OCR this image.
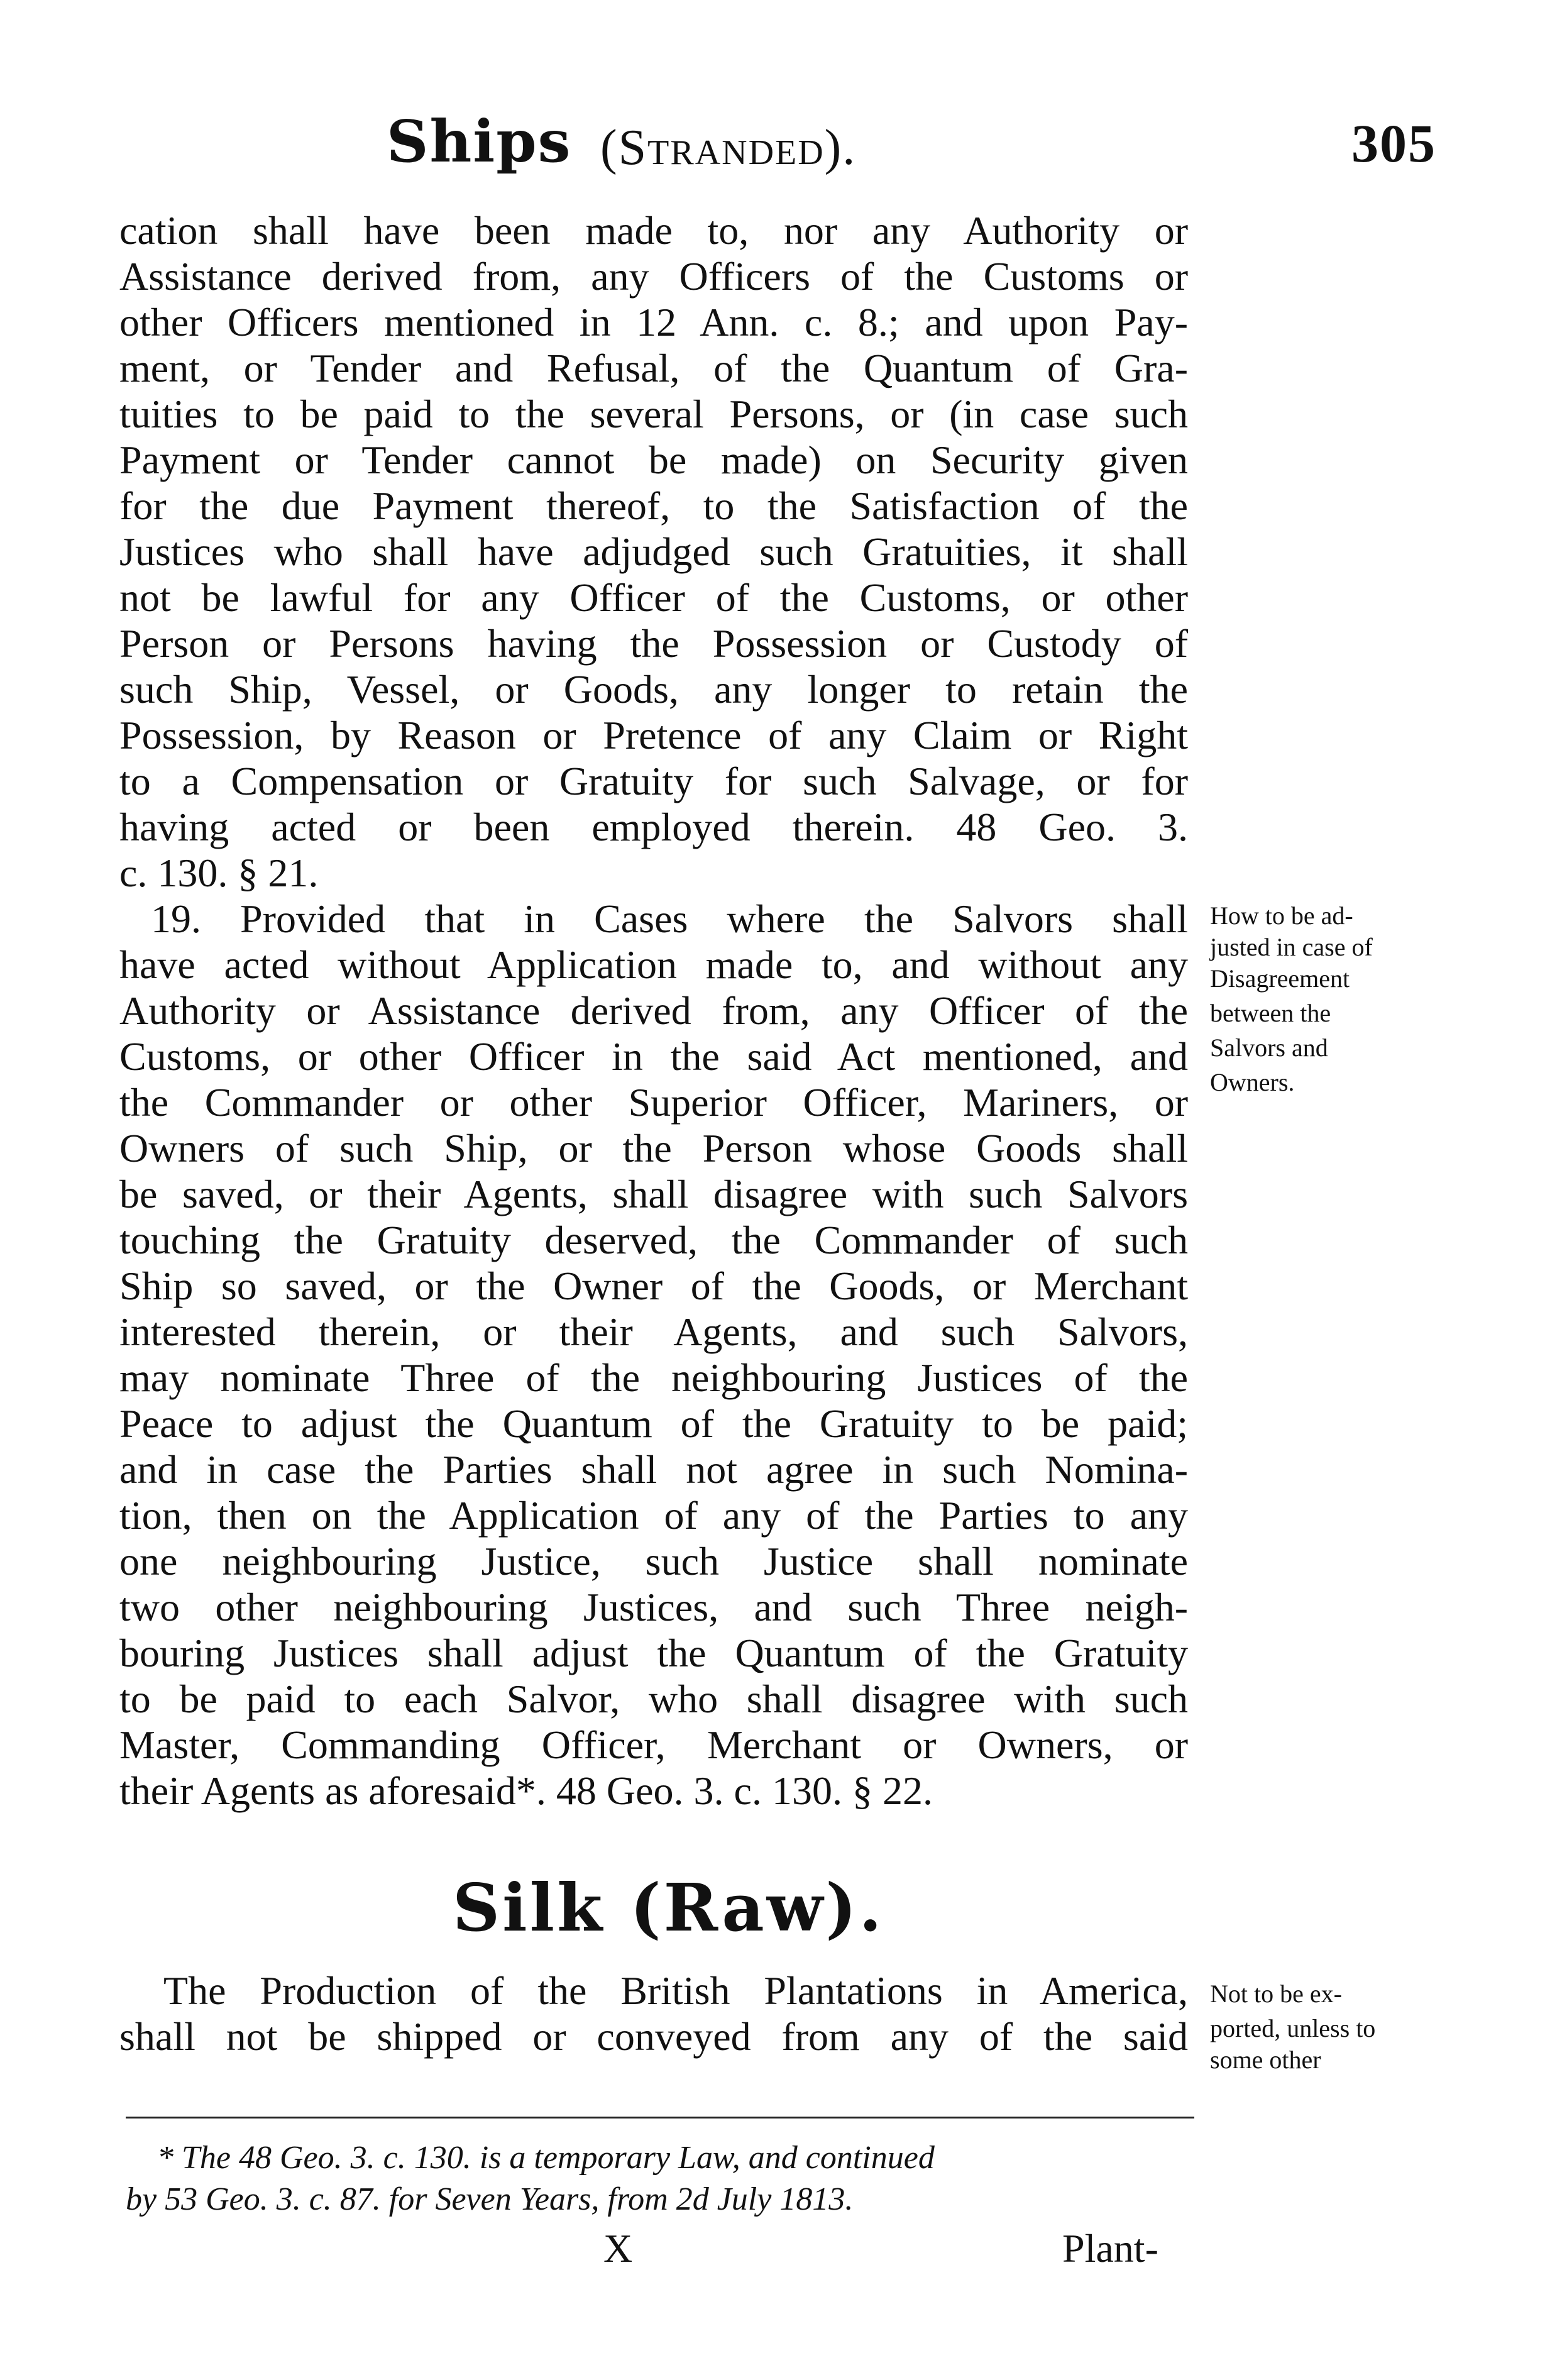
Ships (Stranded).	305
cation shall have been made to, nor any Authority or
Assistance derived from, any Officers of the Customs or
other Officers mentioned in 12 Ann. c. 8.; and upon Pay-
ment, or Tender and Refusal, of the Quantum of Gra-
tuities to be paid to the several Persons, or (in case such
Payment or Tender cannot be made) on Security given
for the due Payment thereof, to the Satisfaction of the
Justices who shall have adjudged such Gratuities, it shall
not be lawful for any Officer of the Customs, or other
Person or Persons having the Possession or Custody of
such Ship, Vessel, or Goods, any longer to retain the
Possession, by Reason or Pretence of any Claim or Right
to a Compensation or Gratuity for such Salvage, or for
having acted or been employed therein. 48 Geo. 3.
c. 130. § 21.
19. Provided that in Cases where the Salvors shall
have acted without Application made to, and without any
Authority or Assistance derived from, any Officer of the
Customs, or other Officer in the said Act mentioned, and
the Commander or other Superior Officer, Mariners, or
Owners of such Ship, or the Person whose Goods shall
be saved, or their Agents, shall disagree with such Salvors
touching the Gratuity deserved, the Commander of such
Ship so saved, or the Owner of the Goods, or Merchant
interested therein, or their Agents, and such Salvors,
may nominate Three of the neighbouring Justices of the
Peace to adjust the Quantum of the Gratuity to be paid;
and in case the Parties shall not agree in such Nomina-
tion, then on the Application of any of the Parties to any
one neighbouring Justice, such Justice shall nominate
two other neighbouring Justices, and such Three neigh-
bouring Justices shall adjust the Quantum of the Gratuity
to be paid to each Salvor, who shall disagree with such
Master, Commanding Officer, Merchant or Owners, or
their Agents as aforesaid*. 48 Geo. 3. c. 130. § 22.
How to be ad-
justed in case of
Disagreement
between the
Salvors and
Owners.
Silk (Raw).
The Production of the British Plantations in America,
shall not be shipped or conveyed from any of the said
Not to be ex-
ported, unless to
some other
* The 48 Geo. 3. c. 130. is a temporary Law, and continued
by 53 Geo. 3. c. 87. for Seven Years, from 2d July 1813.
X	Plant-
